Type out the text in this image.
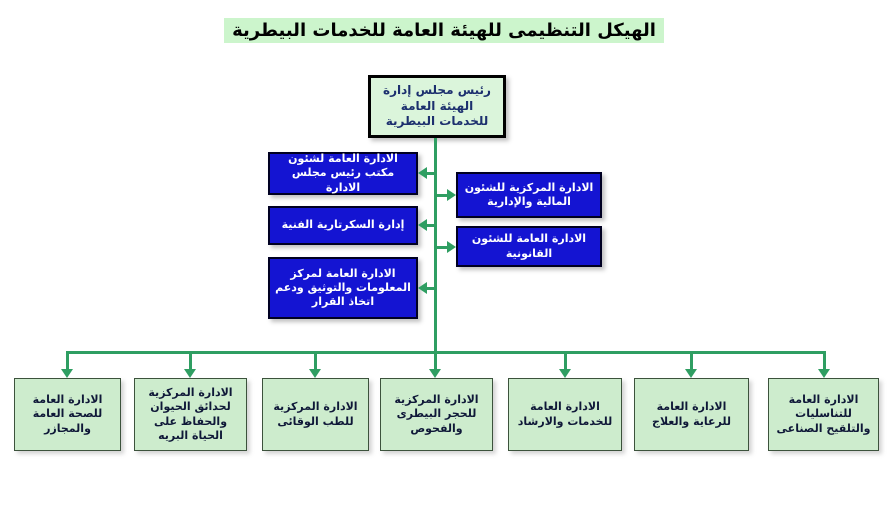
الهيكل التنظيمى للهيئة العامة للخدمات البيطرية
رئيس مجلس إدارة الهيئة العامة للخدمات البيطرية
الادارة العامة لشئون مكتب رئيس مجلس الادارة
إدارة السكرتارية الفنية
الادارة العامة لمركز المعلومات والتوثيق ودعم اتخاذ القرار
الادارة المركزية للشئون المالية والإدارية
الادارة العامة للشئون القانونية
الادارة العامة للصحة العامة والمجازر
الادارة المركزية لحدائق الحيوان والحفاظ على الحياة البريه
الادارة المركزية للطب الوقائى
الادارة المركزية للحجر البيطرى والفحوص
الادارة العامة للخدمات والارشاد
الادارة العامة للرعاية والعلاج
الادارة العامة للتناسليات والتلقيح الصناعى
